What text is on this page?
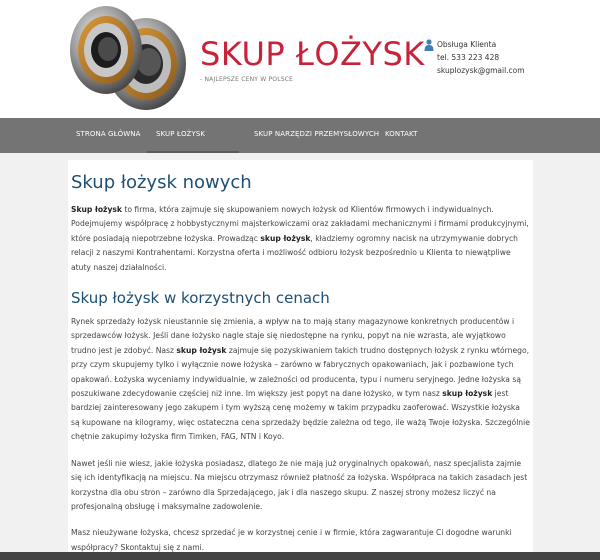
SKUP ŁOŻYSK
- NAJLEPSZE CENY W POLSCE
Obsługa Klienta
tel. 533 223 428
skuplozysk@gmail.com
STRONA GŁÓWNA	SKUP ŁOŻYSK	SKUP NARZĘDZI PRZEMYSŁOWYCH KONTAKT
Skup łożysk nowych

Skup łożysk to firma, która zajmuje się skupowaniem nowych łożysk od Klientów firmowych i indywidualnych. Podejmujemy współpracę z hobbystycznymi majsterkowiczami oraz zakładami mechanicznymi i firmami produkcyjnymi, które posiadają niepotrzebne łożyska. Prowadząc skup łożysk, kładziemy ogromny nacisk na utrzymywanie dobrych relacji z naszymi Kontrahentami. Korzystna oferta i możliwość odbioru łożysk bezpośrednio u Klienta to niewątpliwe atuty naszej działalności.

Skup łożysk w korzystnych cenach

Rynek sprzedaży łożysk nieustannie się zmienia, a wpływ na to mają stany magazynowe konkretnych producentów i sprzedawców łożysk. Jeśli dane łożysko nagle staje się niedostępne na rynku, popyt na nie wzrasta, ale wyjątkowo trudno jest je zdobyć. Nasz skup łożysk zajmuje się pozyskiwaniem takich trudno dostępnych łożysk z rynku wtórnego, przy czym skupujemy tylko i wyłącznie nowe łożyska – zarówno w fabrycznych opakowaniach, jak i pozbawione tych opakowań. Łożyska wyceniamy indywidualnie, w zależności od producenta, typu i numeru seryjnego. Jedne łożyska są poszukiwane zdecydowanie częściej niż inne. Im większy jest popyt na dane łożysko, w tym nasz skup łożysk jest bardziej zainteresowany jego zakupem i tym wyższą cenę możemy w takim przypadku zaoferować. Wszystkie łożyska są kupowane na kilogramy, więc ostateczna cena sprzedaży będzie zależna od tego, ile ważą Twoje łożyska. Szczególnie chętnie zakupimy łożyska firm Timken, FAG, NTN i Koyo.

Nawet jeśli nie wiesz, jakie łożyska posiadasz, dlatego że nie mają już oryginalnych opakowań, nasz specjalista zajmie się ich identyfikacją na miejscu. Na miejscu otrzymasz również płatność za łożyska. Współpraca na takich zasadach jest korzystna dla obu stron – zarówno dla Sprzedającego, jak i dla naszego skupu. Z naszej strony możesz liczyć na profesjonalną obsługę i maksymalne zadowolenie.

Masz nieużywane łożyska, chcesz sprzedać je w korzystnej cenie i w firmie, która zagwarantuje Ci dogodne warunki współpracy? Skontaktuj się z nami.
